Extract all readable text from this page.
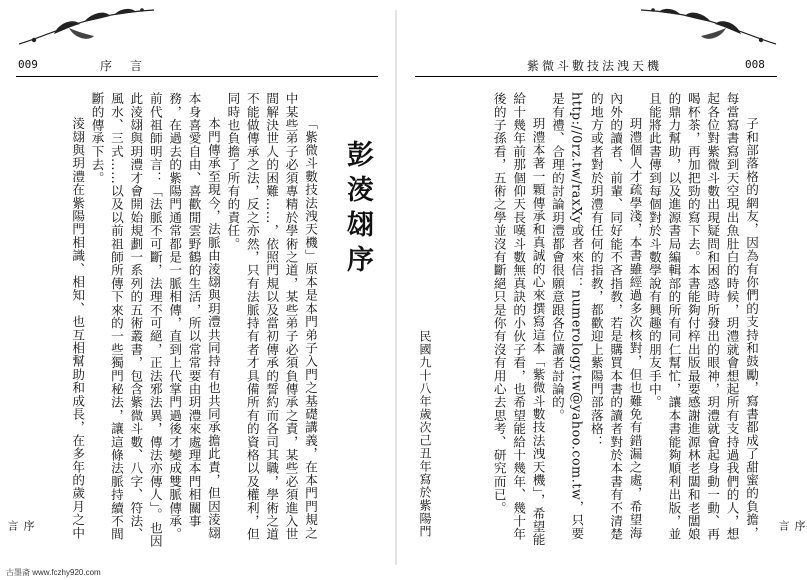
009	序　言

「紫微斗數技法洩天機」原本是本門弟子入門之基礎講義，在本門門規之中某些弟子必須專精於學術之道，某些弟子必須負傳承之責，某些必須進入世間解決世人的困難……，依照門規以及當初傳承的誓約而各司其職，學術之道不能做傳承之法，反之亦然，只有法脈持有者才具備所有的資格以及權利，但同時也負擔了所有的責任。

本門傳承至現今，法脈由淩翃與玥澧共同持有也共同承擔此責，但因淩翃本身喜愛自由、喜歡閒雲野鶴的生活，所以常常要由玥澧來處理本門相關事務，在過去的紫陽門通常都是一脈相傳，直到上代掌門過後才變成雙脈傳承。前代祖師明言：「法脈不可斷，法理不可絕，正法邪法異，傳法亦傳人」。也因此淩翃與玥澧才會開始規劃一系列的五術叢書，包含紫微斗數、八字、符法、風水、三式……以及以前祖師所傳下來的一些獨門秘法，讓這條法脈持續不間斷的傳承下去。

淩翃與玥澧在紫陽門相識、相知、也互相幫助和成長，在多年的歲月之中	彭淩翃序
序言
紫微斗數技法洩天機	008
民國九十八年歲次己丑年寫於紫陽門	子和部落格的網友，因為有你們的支持和鼓勵，寫書都成了甜蜜的負擔，每當寫書寫到天空現出魚肚白的時候，玥澧就會想起所有支持過我們的人，想起各位對紫微斗數出現疑問和困惑時所發出的眼神，玥澧就會起身動一動、再喝杯茶，再加把勁的寫下去。本書能夠付梓出版最要感謝進源林老闆和老闆娘的鼎力幫助，以及進源書局編輯部的所有同仁幫忙，讓本書能夠順利出版，並且能將此書傳到每個對於斗數學說有興趣的朋友手中。

玥澧個人才疏學淺，本書雖經過多次核對，但也難免有錯漏之處，希望海內外的讀者、前輩、同好能不吝指教，若是購買本書的讀者對於本書有不清楚的地方或者對於玥澧有任何的指教，都歡迎上紫陽門部落格：http://0rz.tw/raxXy或者來信：numerology.tw@yahoo.com.tw，只要是有禮、合理的討論玥澧都會很願意跟各位讀者討論的。

玥澧本著一顆傳承和真誠的心來撰寫這本「紫微斗數技法洩天機」，希望能給十幾年前那個仰天長嘆斗數無真訣的小伙子看，也希望能給十幾年、幾十年後的子孫看，五術之學並沒有斷絕只是你有沒有用心去思考、研究而已。

序言
古墨斋 www.fczhy920.com
